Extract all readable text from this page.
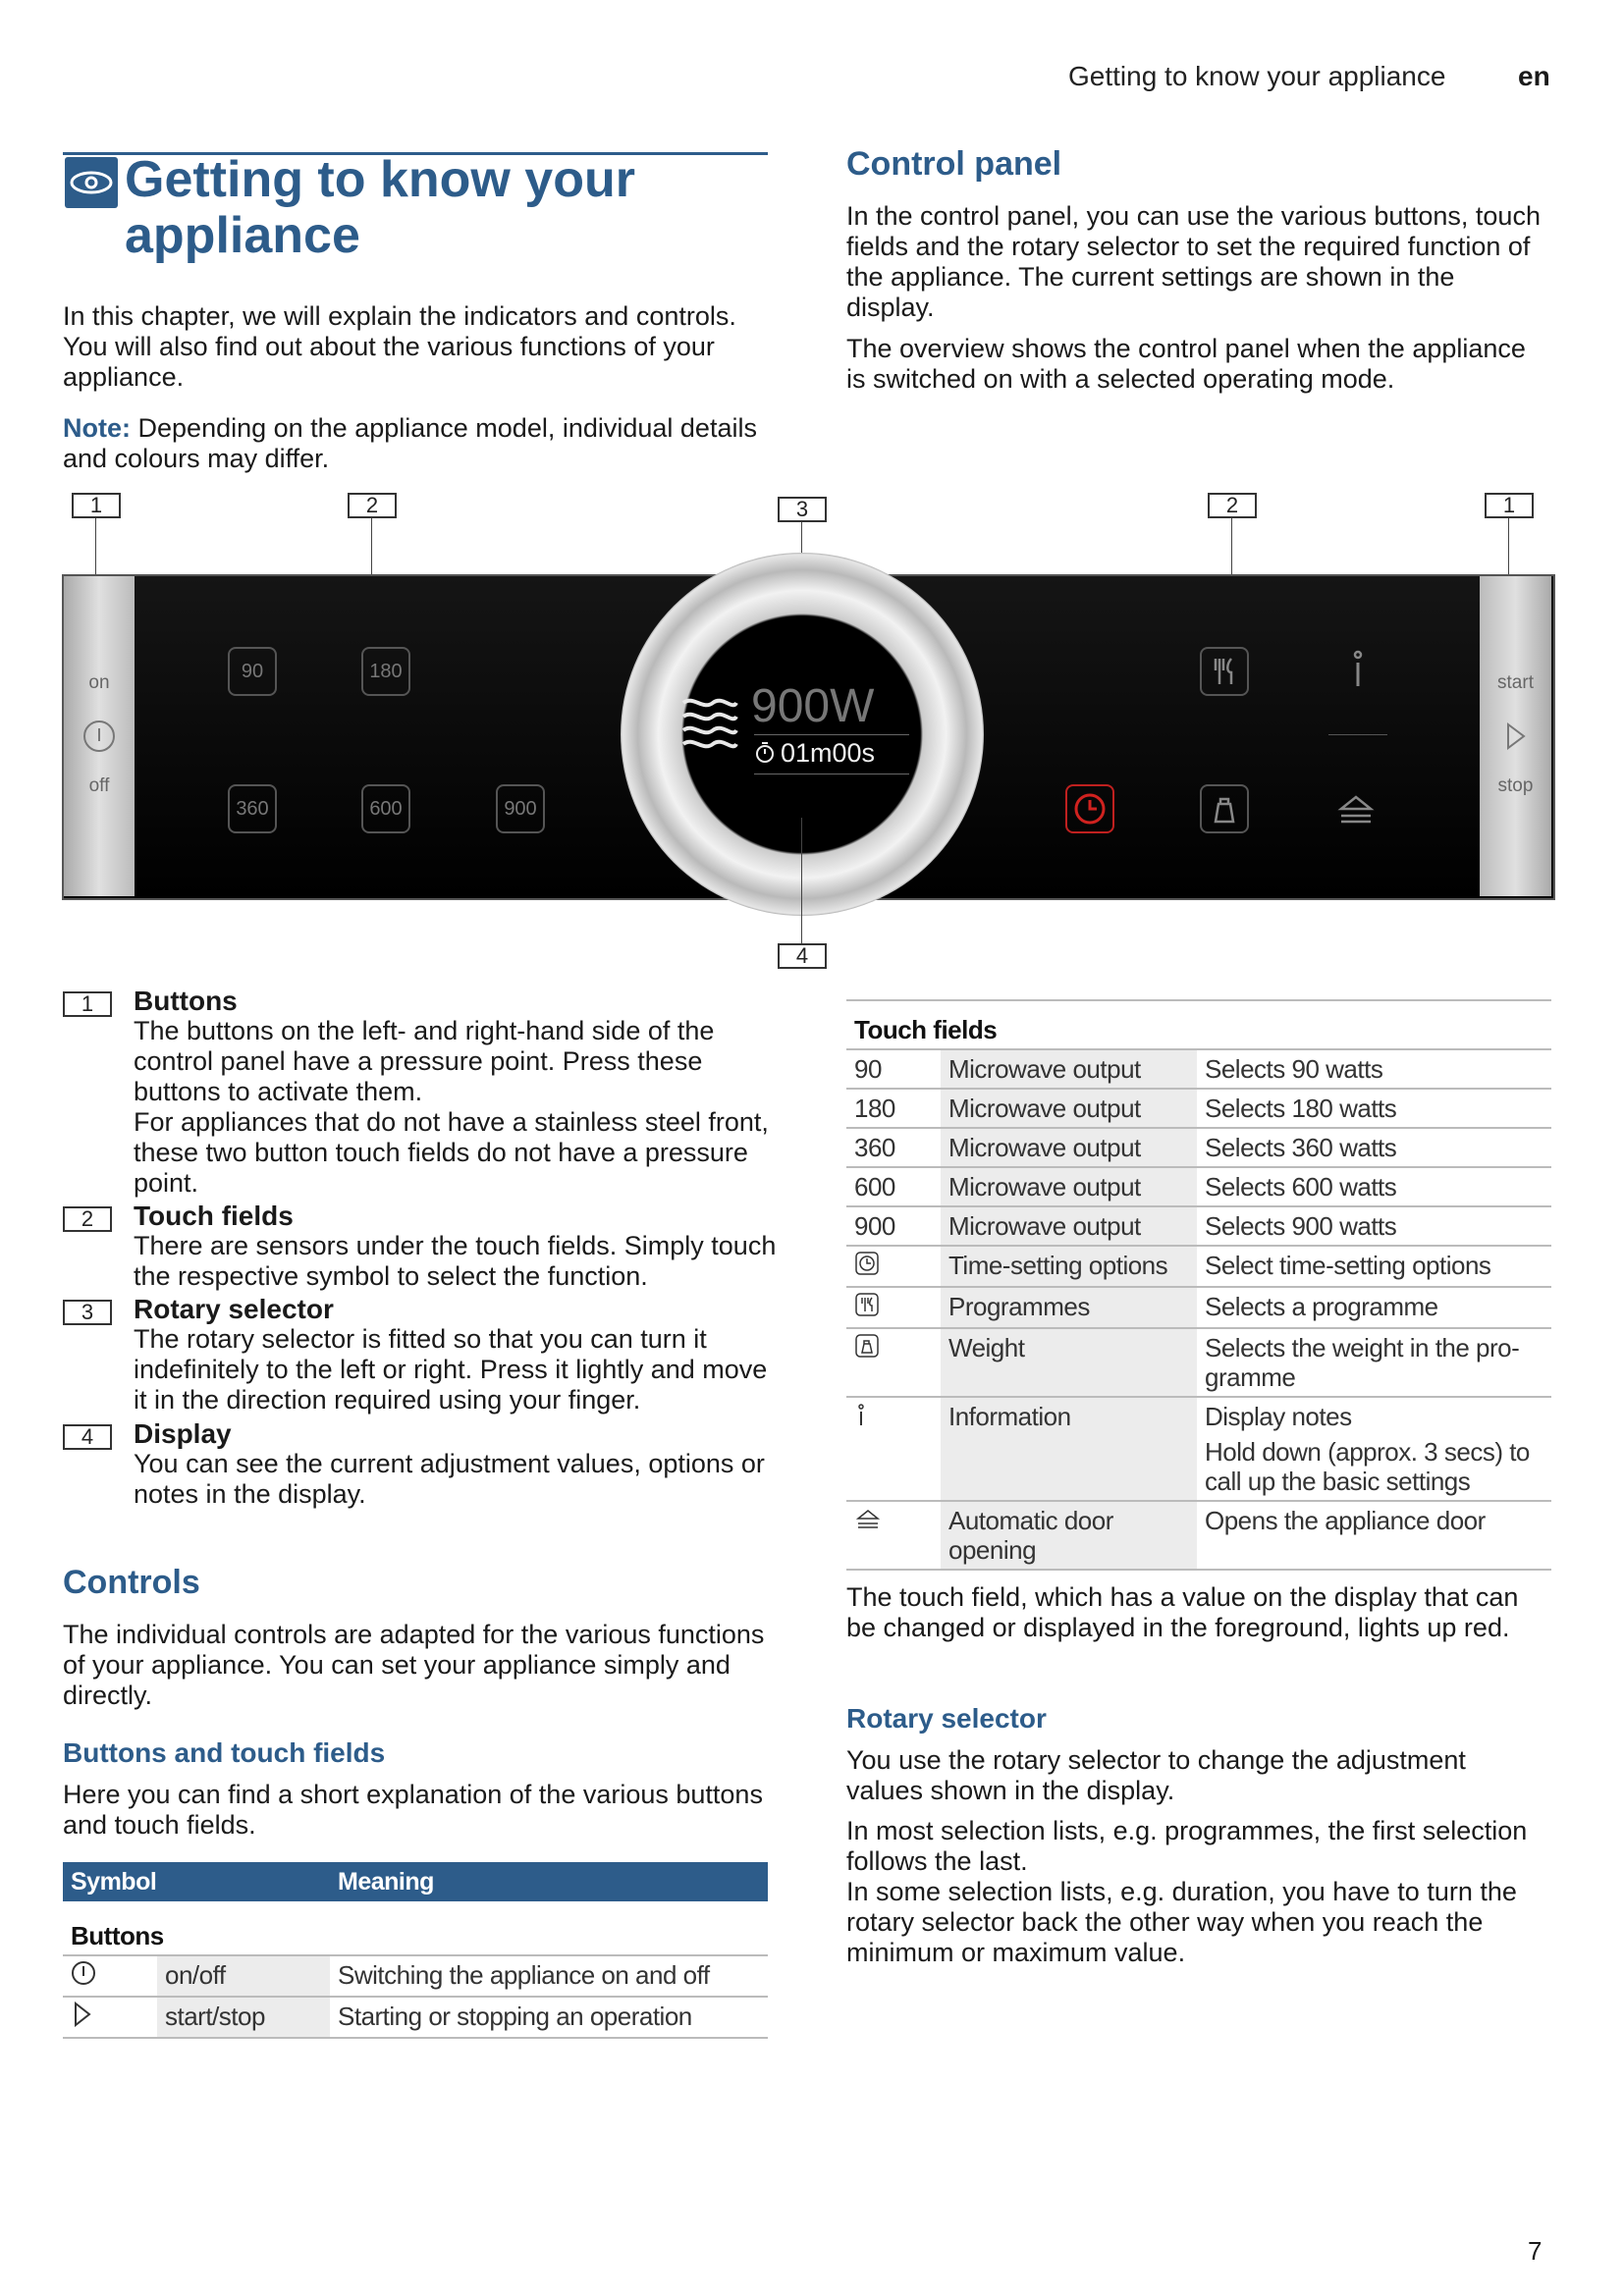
Getting to know your appliance	en
Getting to know your appliance

In this chapter, we will explain the indicators and controls. You will also find out about the various functions of your appliance.

Note: Depending on the appliance model, individual details and colours may differ.

Control panel

In the control panel, you can use the various buttons, touch fields and the rotary selector to set the required function of the appliance. The current settings are shown in the display.

The overview shows the control panel when the appliance is switched on with a selected operating mode.

1	2	3	2	1
on
off
start
stop
90	180
360	600	900
900W
01m00s
4
1	Buttons
The buttons on the left- and right-hand side of the control panel have a pressure point. Press these buttons to activate them.
For appliances that do not have a stainless steel front, these two button touch fields do not have a pressure point.
2	Touch fields
There are sensors under the touch fields. Simply touch the respective symbol to select the function.
3	Rotary selector
The rotary selector is fitted so that you can turn it indefinitely to the left or right. Press it lightly and move it in the direction required using your finger.
4	Display
You can see the current adjustment values, options or notes in the display.
Controls

The individual controls are adapted for the various functions of your appliance. You can set your appliance simply and directly.

Buttons and touch fields

Here you can find a short explanation of the various buttons and touch fields.

Symbol		Meaning
Buttons		
	on/off	Switching the appliance on and off
	start/stop	Starting or stopping an operation
Touch fields		
90	Microwave output	Selects 90 watts
180	Microwave output	Selects 180 watts
360	Microwave output	Selects 360 watts
600	Microwave output	Selects 600 watts
900	Microwave output	Selects 900 watts
	Time-setting options	Select time-setting options
	Programmes	Selects a programme
	Weight	Selects the weight in the pro-gramme
	Information	Display notes
Hold down (approx. 3 secs) to call up the basic settings

	Automatic door opening	Opens the appliance door

The touch field, which has a value on the display that can be changed or displayed in the foreground, lights up red.

Rotary selector

You use the rotary selector to change the adjustment values shown in the display.

In most selection lists, e.g. programmes, the first selection follows the last.

In some selection lists, e.g. duration, you have to turn the rotary selector back the other way when you reach the minimum or maximum value.

7
